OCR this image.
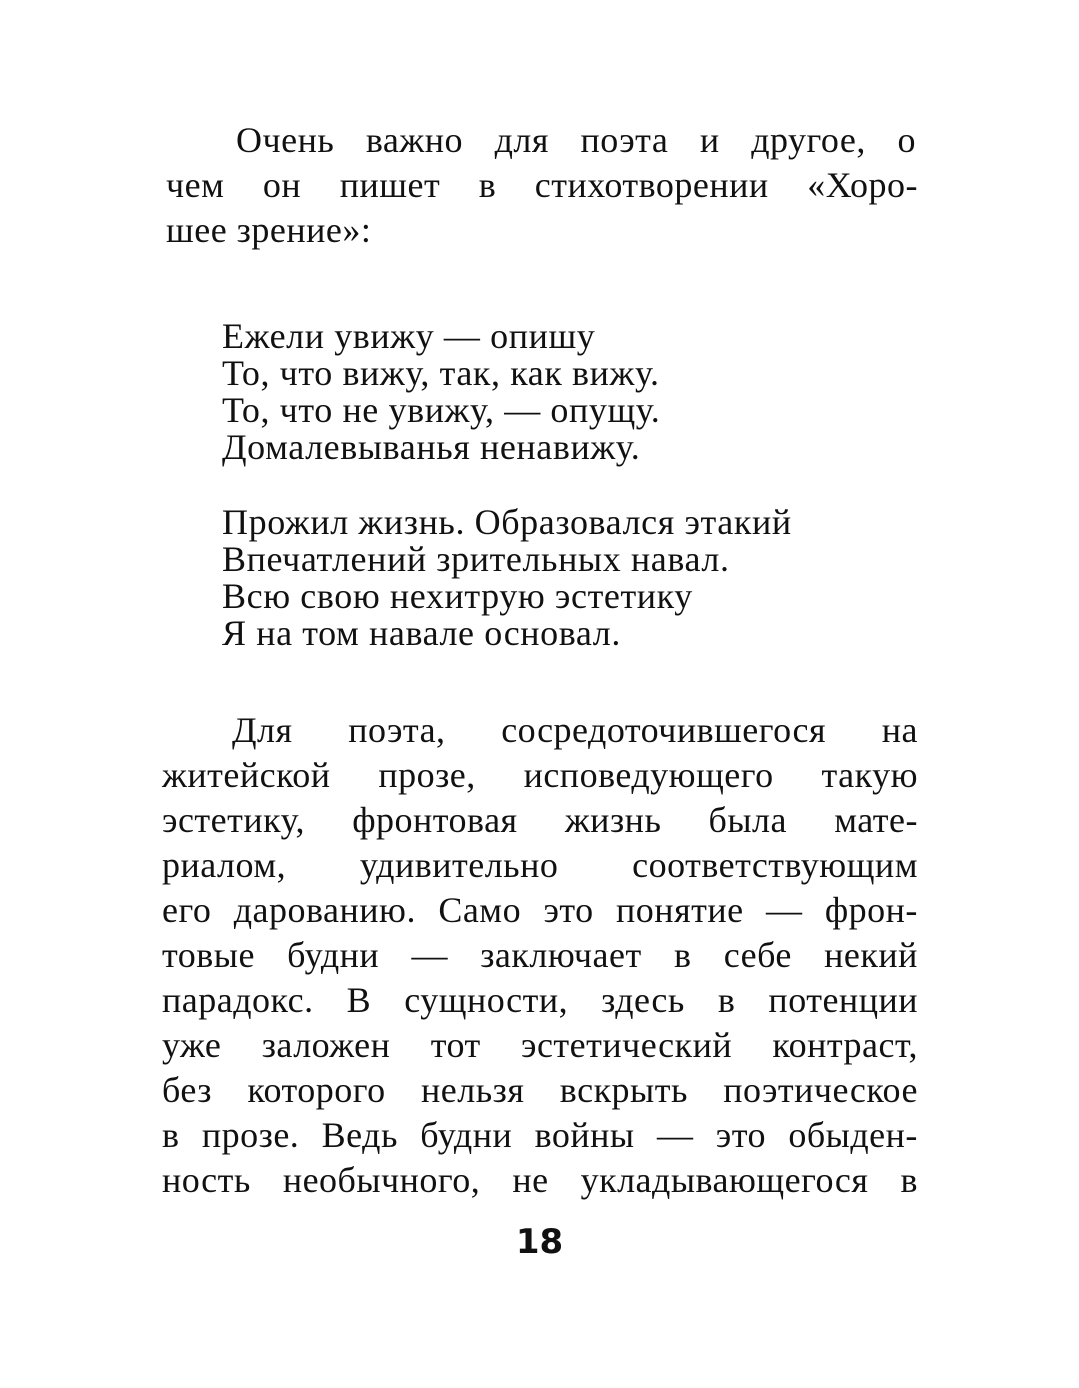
Очень важно для поэта и другое, о
чем он пишет в стихотворении «Хоро-
шее зрение»:
Ежели увижу — опишу
То, что вижу, так, как вижу.
То, что не увижу, — опущу.
Домалевыванья ненавижу.
Прожил жизнь. Образовался этакий
Впечатлений зрительных навал.
Всю свою нехитрую эстетику
Я на том навале основал.
Для поэта, сосредоточившегося на
житейской прозе, исповедующего такую
эстетику, фронтовая жизнь была мате-
риалом, удивительно соответствующим
его дарованию. Само это понятие — фрон-
товые будни — заключает в себе некий
парадокс. В сущности, здесь в потенции
уже заложен тот эстетический контраст,
без которого нельзя вскрыть поэтическое
в прозе. Ведь будни войны — это обыден-
ность необычного, не укладывающегося в
18
